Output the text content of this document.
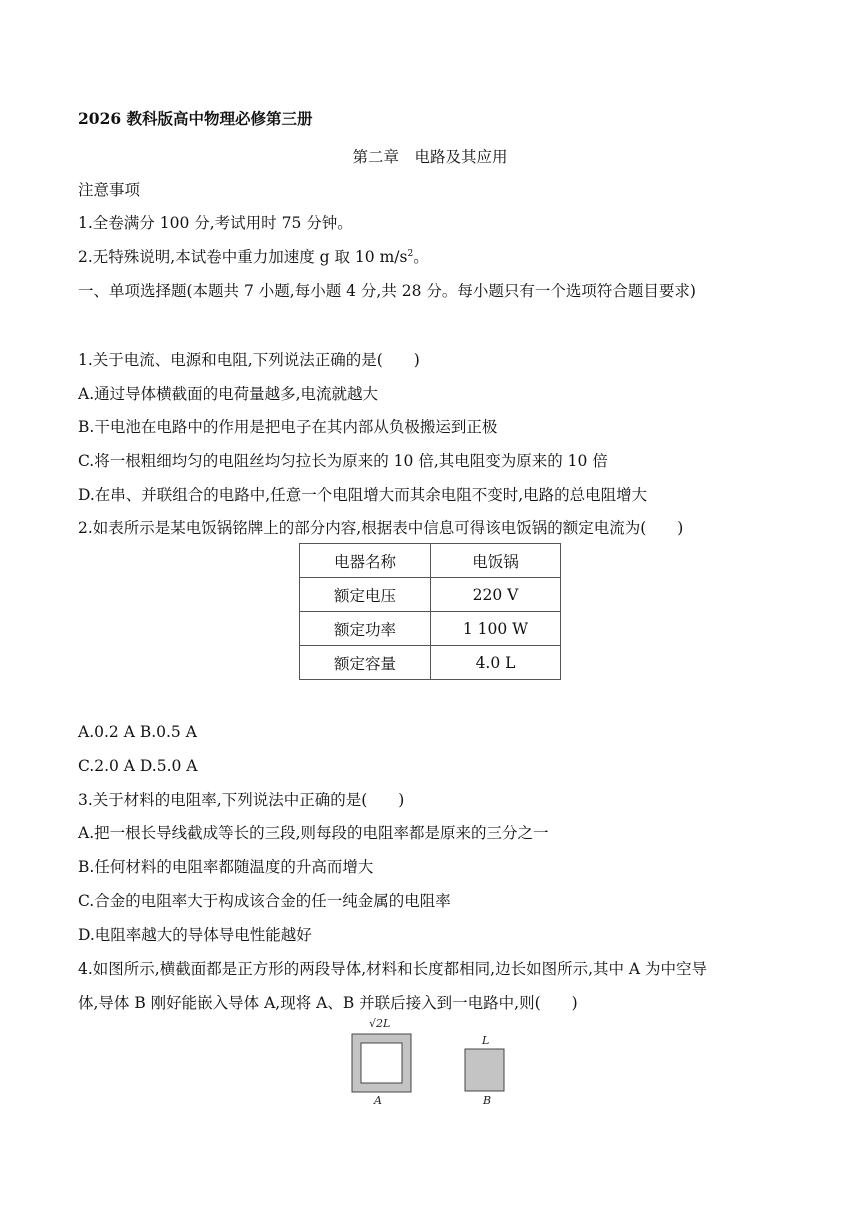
2026 教科版高中物理必修第三册
第二章　电路及其应用
注意事项
1.全卷满分 100 分,考试用时 75 分钟。
2.无特殊说明,本试卷中重力加速度 g 取 10 $m/s^2$。
一、单项选择题(本题共 7 小题,每小题 4 分,共 28 分。每小题只有一个选项符合题目要求)
1.关于电流、电源和电阻,下列说法正确的是(　　)
A.通过导体横截面的电荷量越多,电流就越大
B.干电池在电路中的作用是把电子在其内部从负极搬运到正极
C.将一根粗细均匀的电阻丝均匀拉长为原来的 10 倍,其电阻变为原来的 10 倍
D.在串、并联组合的电路中,任意一个电阻增大而其余电阻不变时,电路的总电阻增大
2.如表所示是某电饭锅铭牌上的部分内容,根据表中信息可得该电饭锅的额定电流为(　　)
电器名称	电饭锅
额定电压	220 V
额定功率	1 100 W
额定容量	4.0 L
A.0.2 A B.0.5 A
C.2.0 A D.5.0 A
3.关于材料的电阻率,下列说法中正确的是(　　)
A.把一根长导线截成等长的三段,则每段的电阻率都是原来的三分之一
B.任何材料的电阻率都随温度的升高而增大
C.合金的电阻率大于构成该合金的任一纯金属的电阻率
D.电阻率越大的导体导电性能越好
4.如图所示,横截面都是正方形的两段导体,材料和长度都相同,边长如图所示,其中 A 为中空导
体,导体 B 刚好能嵌入导体 A,现将 A、B 并联后接入到一电路中,则(　　)
√2L
L
A	B
